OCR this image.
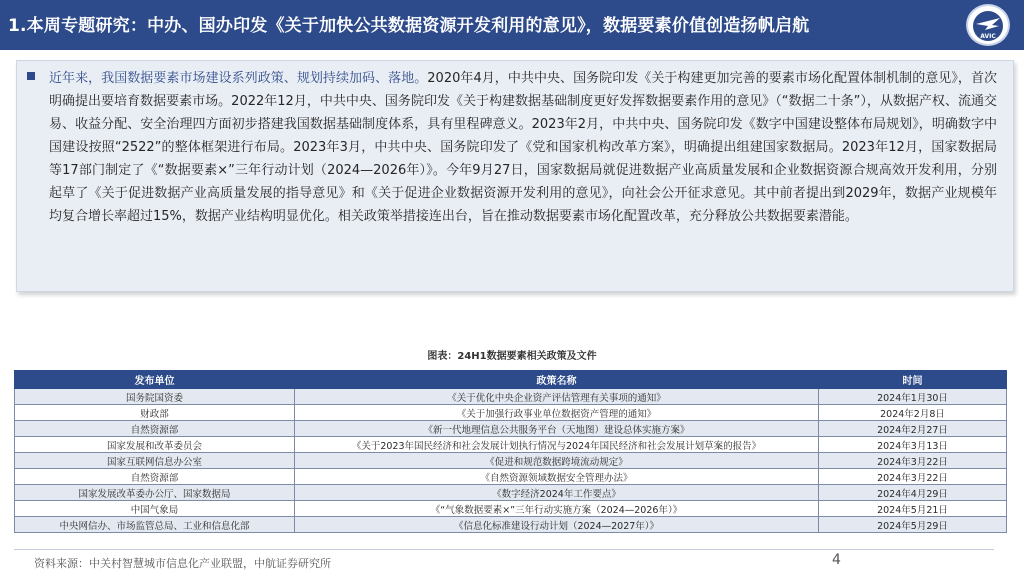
1.本周专题研究：中办、国办印发《关于加快公共数据资源开发利用的意见》，数据要素价值创造扬帆启航
AVIC

近年来，我国数据要素市场建设系列政策、规划持续加码、落地。2020年4月，中共中央、国务院印发《关于构建更加完善的要素市场化配置体制机制的意见》，首次明确提出要培育数据要素市场。2022年12月，中共中央、国务院印发《关于构建数据基础制度更好发挥数据要素作用的意见》（“数据二十条”），从数据产权、流通交易、收益分配、安全治理四方面初步搭建我国数据基础制度体系，具有里程碑意义。2023年2月，中共中央、国务院印发《数字中国建设整体布局规划》，明确数字中国建设按照“2522”的整体框架进行布局。2023年3月，中共中央、国务院印发了《党和国家机构改革方案》，明确提出组建国家数据局。2023年12月，国家数据局等17部门制定了《“数据要素×”三年行动计划（2024—2026年）》。今年9月27日，国家数据局就促进数据产业高质量发展和企业数据资源合规高效开发利用，分别起草了《关于促进数据产业高质量发展的指导意见》和《关于促进企业数据资源开发利用的意见》，向社会公开征求意见。其中前者提出到2029年，数据产业规模年均复合增长率超过15%，数据产业结构明显优化。相关政策举措接连出台，旨在推动数据要素市场化配置改革，充分释放公共数据要素潜能。

图表：24H1数据要素相关政策及文件
发布单位	政策名称	时间
国务院国资委	《关于优化中央企业资产评估管理有关事项的通知》	2024年1月30日
财政部	《关于加强行政事业单位数据资产管理的通知》	2024年2月8日
自然资源部	《新一代地理信息公共服务平台（天地图）建设总体实施方案》	2024年2月27日
国家发展和改革委员会	《关于2023年国民经济和社会发展计划执行情况与2024年国民经济和社会发展计划草案的报告》	2024年3月13日
国家互联网信息办公室	《促进和规范数据跨境流动规定》	2024年3月22日
自然资源部	《自然资源领域数据安全管理办法》	2024年3月22日
国家发展改革委办公厅、国家数据局	《数字经济2024年工作要点》	2024年4月29日
中国气象局	《“气象数据要素×”三年行动实施方案（2024—2026年）》	2024年5月21日
中央网信办、市场监管总局、工业和信息化部	《信息化标准建设行动计划（2024—2027年）》	2024年5月29日
资料来源：中关村智慧城市信息化产业联盟，中航证券研究所	4
